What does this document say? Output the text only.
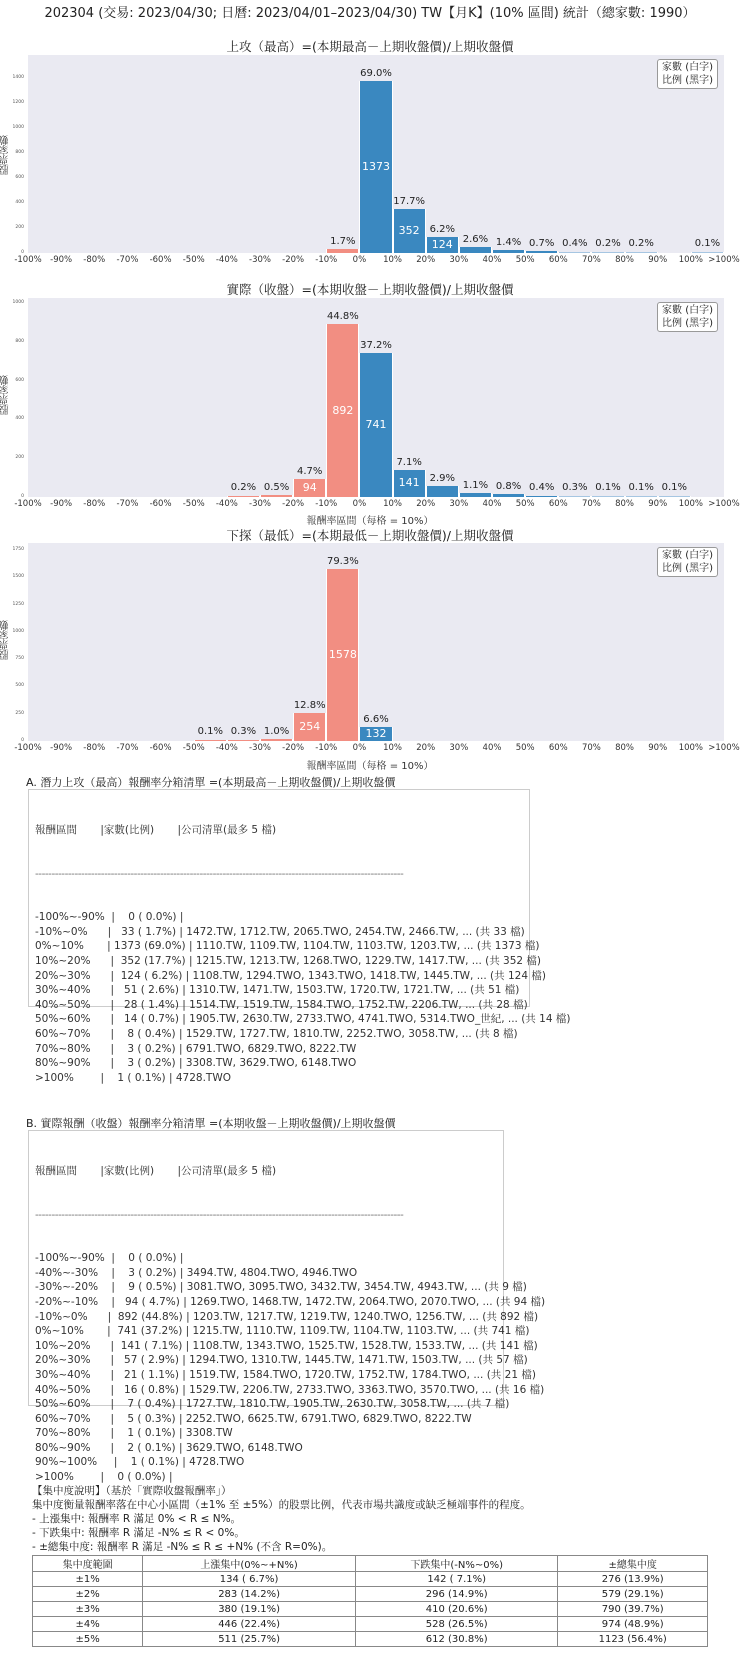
202304 (交易: 2023/04/30; 日曆: 2023/04/01–2023/04/30) TW【月K】(10% 區間) 統計（總家數: 1990）
上攻（最高）=(本期最高－上期收盤價)/上期收盤價
股票家數
家數 (白字)
比例 (黑字)
1.7%
1373
69.0%
352
17.7%
124
6.2%
2.6% 1.4% 0.7% 0.4% 0.2% 0.2%	0.1%
實際（收盤）=(本期收盤－上期收盤價)/上期收盤價
股票家數
家數 (白字)
比例 (黑字)
0.2% 0.5%	94
4.7%
892
44.8%
741
37.2%
141
7.1%
2.9%
1.1% 0.8% 0.4% 0.3% 0.1% 0.1% 0.1%
報酬率區間（每格 = 10%）
下探（最低）=(本期最低－上期收盤價)/上期收盤價
股票家數
家數 (白字)
比例 (黑字)
0.1% 0.3% 1.0% 254
12.8%
1578
79.3%
132
6.6%
報酬率區間（每格 = 10%）
A. 潛力上攻（最高）報酬率分箱清單 =(本期最高－上期收盤價)/上期收盤價

報酬區間       |家數(比例)       |公司清單(最多 5 檔)

----------------------------------------------------------------------------------------------------------------

-100%~-90%  |    0 ( 0.0%) |
-10%~0%      |   33 ( 1.7%) | 1472.TW, 1712.TW, 2065.TWO, 2454.TW, 2466.TW, ... (共 33 檔)
0%~10%       | 1373 (69.0%) | 1110.TW, 1109.TW, 1104.TW, 1103.TW, 1203.TW, ... (共 1373 檔)
10%~20%      |  352 (17.7%) | 1215.TW, 1213.TW, 1268.TWO, 1229.TW, 1417.TW, ... (共 352 檔)
20%~30%      |  124 ( 6.2%) | 1108.TW, 1294.TWO, 1343.TWO, 1418.TW, 1445.TW, ... (共 124 檔)
30%~40%      |   51 ( 2.6%) | 1310.TW, 1471.TW, 1503.TW, 1720.TW, 1721.TW, ... (共 51 檔)
40%~50%      |   28 ( 1.4%) | 1514.TW, 1519.TW, 1584.TWO, 1752.TW, 2206.TW, ... (共 28 檔)
50%~60%      |   14 ( 0.7%) | 1905.TW, 2630.TW, 2733.TWO, 4741.TWO, 5314.TWO_世紀, ... (共 14 檔)
60%~70%      |    8 ( 0.4%) | 1529.TW, 1727.TW, 1810.TW, 2252.TWO, 3058.TW, ... (共 8 檔)
70%~80%      |    3 ( 0.2%) | 6791.TWO, 6829.TWO, 8222.TW
80%~90%      |    3 ( 0.2%) | 3308.TW, 3629.TWO, 6148.TWO
>100%        |    1 ( 0.1%) | 4728.TWO

B. 實際報酬（收盤）報酬率分箱清單 =(本期收盤－上期收盤價)/上期收盤價

報酬區間       |家數(比例)       |公司清單(最多 5 檔)

----------------------------------------------------------------------------------------------------------------

-100%~-90%  |    0 ( 0.0%) |
-40%~-30%    |    3 ( 0.2%) | 3494.TW, 4804.TWO, 4946.TWO
-30%~-20%    |    9 ( 0.5%) | 3081.TWO, 3095.TWO, 3432.TW, 3454.TW, 4943.TW, ... (共 9 檔)
-20%~-10%    |   94 ( 4.7%) | 1269.TWO, 1468.TW, 1472.TW, 2064.TWO, 2070.TWO, ... (共 94 檔)
-10%~0%      |  892 (44.8%) | 1203.TW, 1217.TW, 1219.TW, 1240.TWO, 1256.TW, ... (共 892 檔)
0%~10%       |  741 (37.2%) | 1215.TW, 1110.TW, 1109.TW, 1104.TW, 1103.TW, ... (共 741 檔)
10%~20%      |  141 ( 7.1%) | 1108.TW, 1343.TWO, 1525.TW, 1528.TW, 1533.TW, ... (共 141 檔)
20%~30%      |   57 ( 2.9%) | 1294.TWO, 1310.TW, 1445.TW, 1471.TW, 1503.TW, ... (共 57 檔)
30%~40%      |   21 ( 1.1%) | 1519.TW, 1584.TWO, 1720.TW, 1752.TW, 1784.TWO, ... (共 21 檔)
40%~50%      |   16 ( 0.8%) | 1529.TW, 2206.TW, 2733.TWO, 3363.TWO, 3570.TWO, ... (共 16 檔)
50%~60%      |    7 ( 0.4%) | 1727.TW, 1810.TW, 1905.TW, 2630.TW, 3058.TW, ... (共 7 檔)
60%~70%      |    5 ( 0.3%) | 2252.TWO, 6625.TW, 6791.TWO, 6829.TWO, 8222.TW
70%~80%      |    1 ( 0.1%) | 3308.TW
80%~90%      |    2 ( 0.1%) | 3629.TWO, 6148.TWO
90%~100%     |    1 ( 0.1%) | 4728.TWO
>100%        |    0 ( 0.0%) |

【集中度說明】（基於「實際收盤報酬率」）
集中度衡量報酬率落在中心小區間（±1% 至 ±5%）的股票比例，代表市場共識度或缺乏極端事件的程度。
- 上漲集中: 報酬率 R 滿足 0% < R ≤ N%。
- 下跌集中: 報酬率 R 滿足 -N% ≤ R < 0%。
- ±總集中度: 報酬率 R 滿足 -N% ≤ R ≤ +N% (不含 R=0%)。
集中度範圍	上漲集中(0%~+N%)	下跌集中(-N%~0%)	±總集中度
±1%	134 ( 6.7%)	142 ( 7.1%)	276 (13.9%)
±2%	283 (14.2%)	296 (14.9%)	579 (29.1%)
±3%	380 (19.1%)	410 (20.6%)	790 (39.7%)
±4%	446 (22.4%)	528 (26.5%)	974 (48.9%)
±5%	511 (25.7%)	612 (30.8%)	1123 (56.4%)
0
200
400
600
800
1000
1200
1400
-100% -90%	-80%	-70%	-60%	-50%	-40%	-30%	-20%	-10%	0%	10%	20%	30%	40%	50%	60%	70%	80%	90%	100% >100%
0
200
400
600
800
1000
-100% -90%	-80%	-70%	-60%	-50%	-40%	-30%	-20%	-10%	0%	10%	20%	30%	40%	50%	60%	70%	80%	90%	100% >100%
0
250
500
750
1000
1250
1500
1750
-100% -90%	-80%	-70%	-60%	-50%	-40%	-30%	-20%	-10%	0%	10%	20%	30%	40%	50%	60%	70%	80%	90%	100% >100%
